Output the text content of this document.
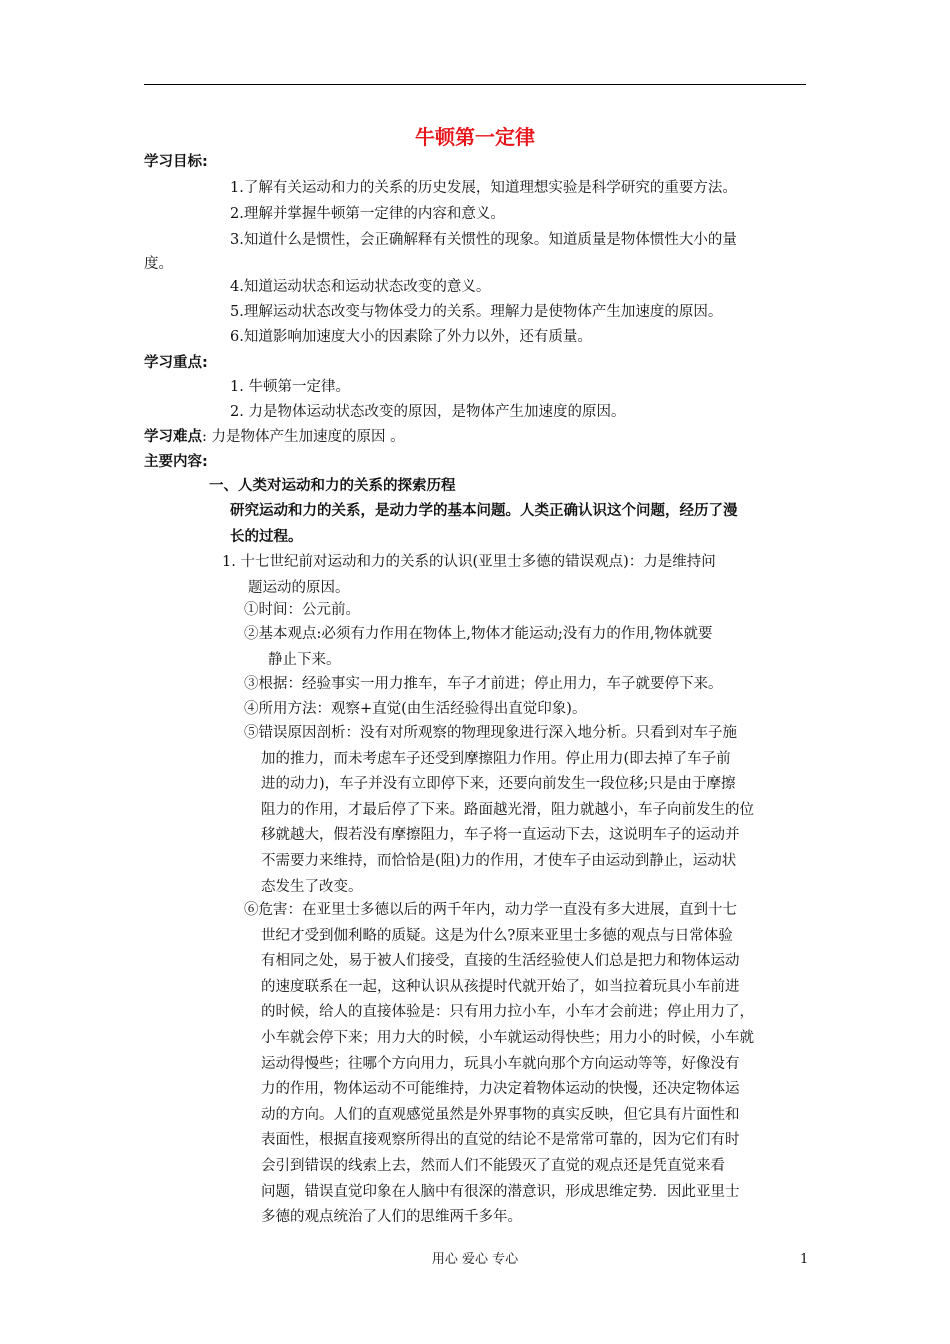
牛顿第一定律
学习目标:
1.了解有关运动和力的关系的历史发展，知道理想实验是科学研究的重要方法。
2.理解并掌握牛顿第一定律的内容和意义。
3.知道什么是惯性，会正确解释有关惯性的现象。知道质量是物体惯性大小的量
度。
4.知道运动状态和运动状态改变的意义。
5.理解运动状态改变与物体受力的关系。理解力是使物体产生加速度的原因。
6.知道影响加速度大小的因素除了外力以外，还有质量。
学习重点:
1. 牛顿第一定律。
2. 力是物体运动状态改变的原因，是物体产生加速度的原因。
学习难点: 力是物体产生加速度的原因 。
主要内容:
一、人类对运动和力的关系的探索历程
研究运动和力的关系，是动力学的基本问题。人类正确认识这个问题，经历了漫
长的过程。
1. 十七世纪前对运动和力的关系的认识(亚里士多德的错误观点)：力是维持问
题运动的原因。
①时间：公元前。
②基本观点:必须有力作用在物体上,物体才能运动;没有力的作用,物体就要
静止下来。
③根据：经验事实一用力推车，车子才前进；停止用力，车子就要停下来。
④所用方法：观察+直觉(由生活经验得出直觉印象)。
⑤错误原因剖析：没有对所观察的物理现象进行深入地分析。只看到对车子施
加的推力，而未考虑车子还受到摩擦阻力作用。停止用力(即去掉了车子前
进的动力)，车子并没有立即停下来，还要向前发生一段位移;只是由于摩擦
阻力的作用，才最后停了下来。路面越光滑，阻力就越小，车子向前发生的位
移就越大，假若没有摩擦阻力，车子将一直运动下去，这说明车子的运动并
不需要力来维持，而恰恰是(阻)力的作用，才使车子由运动到静止，运动状
态发生了改变。
⑥危害：在亚里士多德以后的两千年内，动力学一直没有多大进展，直到十七
世纪才受到伽利略的质疑。这是为什么?原来亚里士多德的观点与日常体验
有相同之处，易于被人们接受，直接的生活经验使人们总是把力和物体运动
的速度联系在一起，这种认识从孩提时代就开始了，如当拉着玩具小车前进
的时候，给人的直接体验是：只有用力拉小车，小车才会前进；停止用力了，
小车就会停下来；用力大的时候，小车就运动得快些；用力小的时候，小车就
运动得慢些；往哪个方向用力，玩具小车就向那个方向运动等等，好像没有
力的作用，物体运动不可能维持，力决定着物体运动的快慢，还决定物体运
动的方向。人们的直观感觉虽然是外界事物的真实反映，但它具有片面性和
表面性，根据直接观察所得出的直觉的结论不是常常可靠的，因为它们有时
会引到错误的线索上去，然而人们不能毁灭了直觉的观点还是凭直觉来看
问题，错误直觉印象在人脑中有很深的潜意识，形成思维定势．因此亚里士
多德的观点统治了人们的思维两千多年。
用心 爱心 专心	1
